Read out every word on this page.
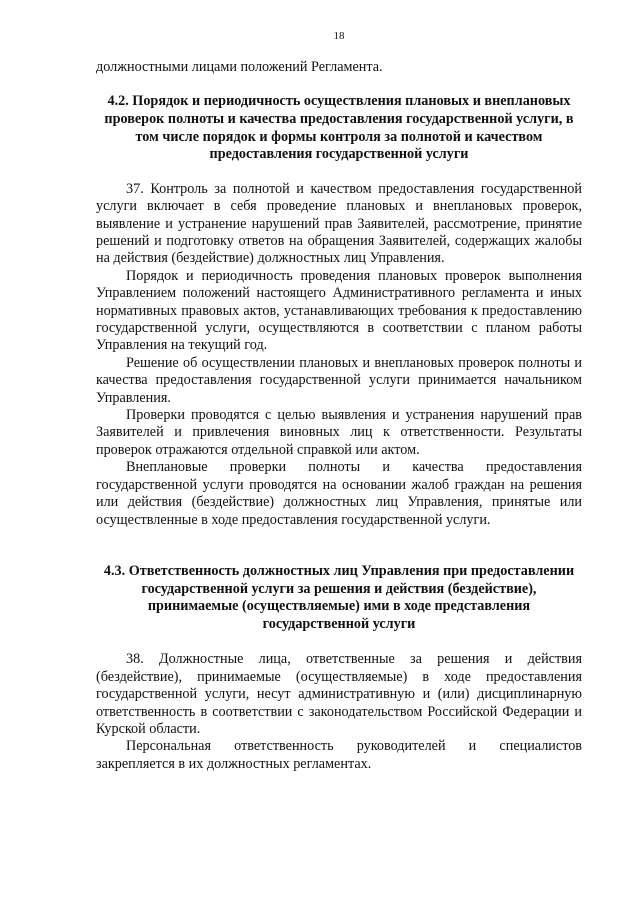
18

должностными лицами положений Регламента.

4.2. Порядок и периодичность осуществления плановых и внеплановых проверок полноты и качества предоставления государственной услуги, в том числе порядок и формы контроля за полнотой и качеством предоставления государственной услуги

37. Контроль за полнотой и качеством предоставления государственной услуги включает в себя проведение плановых и внеплановых проверок, выявление и устранение нарушений прав Заявителей, рассмотрение, принятие решений и подготовку ответов на обращения Заявителей, содержащих жалобы на действия (бездействие) должностных лиц Управления.

Порядок и периодичность проведения плановых проверок выполнения Управлением положений настоящего Административного регламента и иных нормативных правовых актов, устанавливающих требования к предоставлению государственной услуги, осуществляются в соответствии с планом работы Управления на текущий год.

Решение об осуществлении плановых и внеплановых проверок полноты и качества предоставления государственной услуги принимается начальником Управления.

Проверки проводятся с целью выявления и устранения нарушений прав Заявителей и привлечения виновных лиц к ответственности. Результаты проверок отражаются отдельной справкой или актом.

Внеплановые проверки полноты и качества предоставления государственной услуги проводятся на основании жалоб граждан на решения или действия (бездействие) должностных лиц Управления, принятые или осуществленные в ходе предоставления государственной услуги.

4.3. Ответственность должностных лиц Управления при предоставлении государственной услуги за решения и действия (бездействие), принимаемые (осуществляемые) ими в ходе представления государственной услуги

38. Должностные лица, ответственные за решения и действия (бездействие), принимаемые (осуществляемые) в ходе предоставления государственной услуги, несут административную и (или) дисциплинарную ответственность в соответствии с законодательством Российской Федерации и Курской области.

Персональная ответственность руководителей и специалистов закрепляется в их должностных регламентах.
